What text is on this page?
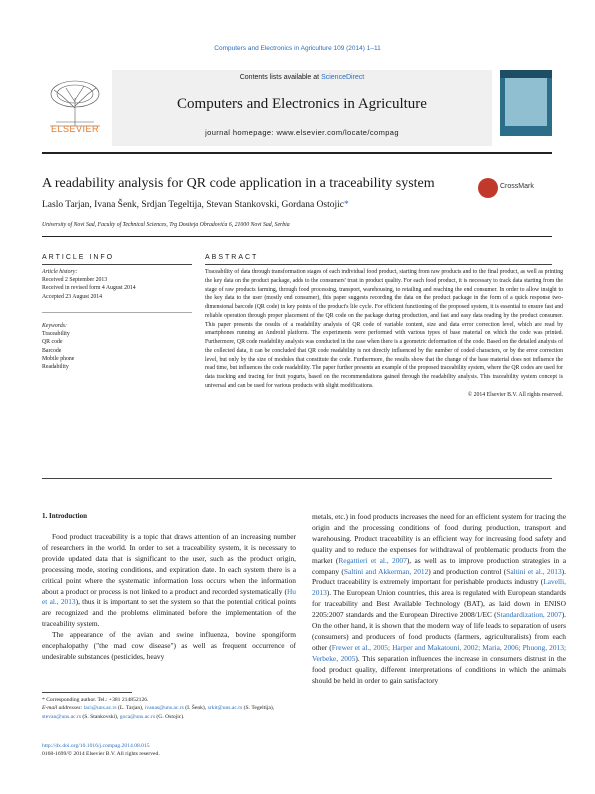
Computers and Electronics in Agriculture 109 (2014) 1–11
ELSEVIER
Contents lists available at ScienceDirect
Computers and Electronics in Agriculture
journal homepage: www.elsevier.com/locate/compag
A readability analysis for QR code application in a traceability system	CrossMark
Laslo Tarjan, Ivana Šenk, Srdjan Tegeltija, Stevan Stankovski, Gordana Ostojic*
University of Novi Sad, Faculty of Technical Sciences, Trg Dositeja Obradovića 6, 21000 Novi Sad, Serbia
ARTICLE INFO	ABSTRACT
Article history:
Received 2 September 2013
Received in revised form 4 August 2014
Accepted 23 August 2014
Keywords:
Traceability
QR code
Barcode
Mobile phone
Readability
Traceability of data through transformation stages of each individual food product, starting from raw products and to the final product, as well as printing the key data on the product package, adds to the consumers' trust in product quality. For each food product, it is necessary to track data starting from the stage of raw products farming, through food processing, transport, warehousing, to retailing and reaching the end consumer. In order to allow insight to the key data to the user (mostly end consumer), this paper suggests recording the data on the product package in the form of a quick response two-dimensional barcode (QR code) in key points of the product's life cycle. For efficient functioning of the proposed system, it is essential to ensure fast and reliable operation through proper placement of the QR code on the package during production, and fast and easy data reading by the product consumer. This paper presents the results of a readability analysis of QR code of variable content, size and data error correction level, which are read by smartphones running an Android platform. The experiments were performed with various types of base material on which the code was printed. Furthermore, QR code readability analysis was conducted in the case when there is a geometric deformation of the code. Based on the detailed analysis of the collected data, it can be concluded that QR code readability is not directly influenced by the number of coded characters, or by the error correction level, but only by the size of modules that constitute the code. Furthermore, the results show that the change of the base material does not influence the read time, but influences the code readability. The paper further presents an example of the proposed traceability system, where the QR codes are used for data tracking and tracing for fruit yogurts, based on the recommendations gained through the readability analysis. This traceability system concept is universal and can be used for various products with slight modifications.
© 2014 Elsevier B.V. All rights reserved.
1. Introduction

Food product traceability is a topic that draws attention of an increasing number of researchers in the world. In order to set a traceability system, it is necessary to provide updated data that is significant to the user, such as the product origin, processing mode, storing conditions, and expiration date. In each system there is a critical point where the systematic information loss occurs when the information about a product or process is not linked to a product and recorded systematically (Hu et al., 2013), thus it is important to set the system so that the potential critical points are recognized and the problems eliminated before the implementation of the traceability system.

The appearance of the avian and swine influenza, bovine spongiform encephalopathy ("the mad cow disease") as well as frequent occurrence of undesirable substances (pesticides, heavy

metals, etc.) in food products increases the need for an efficient system for tracing the origin and the processing conditions of food during production, transport and warehousing. Product traceability is an efficient way for increasing food safety and quality and to reduce the expenses for withdrawal of problematic products from the market (Regattieri et al., 2007), as well as to improve production strategies in a company (Saltini and Akkerman, 2012) and production control (Saltini et al., 2013). Product traceability is extremely important for perishable products industry (Lavelli, 2013). The European Union countries, this area is regulated with European standards for traceability and Best Available Technology (BAT), as laid down in ENISO 2205:2007 standards and the European Directive 2008/1/EC (Standardization, 2007). On the other hand, it is shown that the modern way of life leads to separation of users (consumers) and producers of food products (farmers, agriculturalists) from each other (Frewer et al., 2005; Harper and Makatouni, 2002; Maria, 2006; Phuong, 2013; Verbeke, 2005). This separation influences the increase in consumers distrust in the food product quality, different interpretations of conditions in which the animals should be held in order to gain satisfactory

* Corresponding author. Tel.: +381 214852126.
E-mail addresses: laci@uns.ac.rs (L. Tarjan), ivanas@uns.ac.rs (I. Šenk), srkit@uns.ac.rs (S. Tegeltija), stevan@uns.ac.rs (S. Stankovski), goca@uns.ac.rs (G. Ostojic).
http://dx.doi.org/10.1016/j.compag.2014.08.015
0168-1699/© 2014 Elsevier B.V. All rights reserved.
